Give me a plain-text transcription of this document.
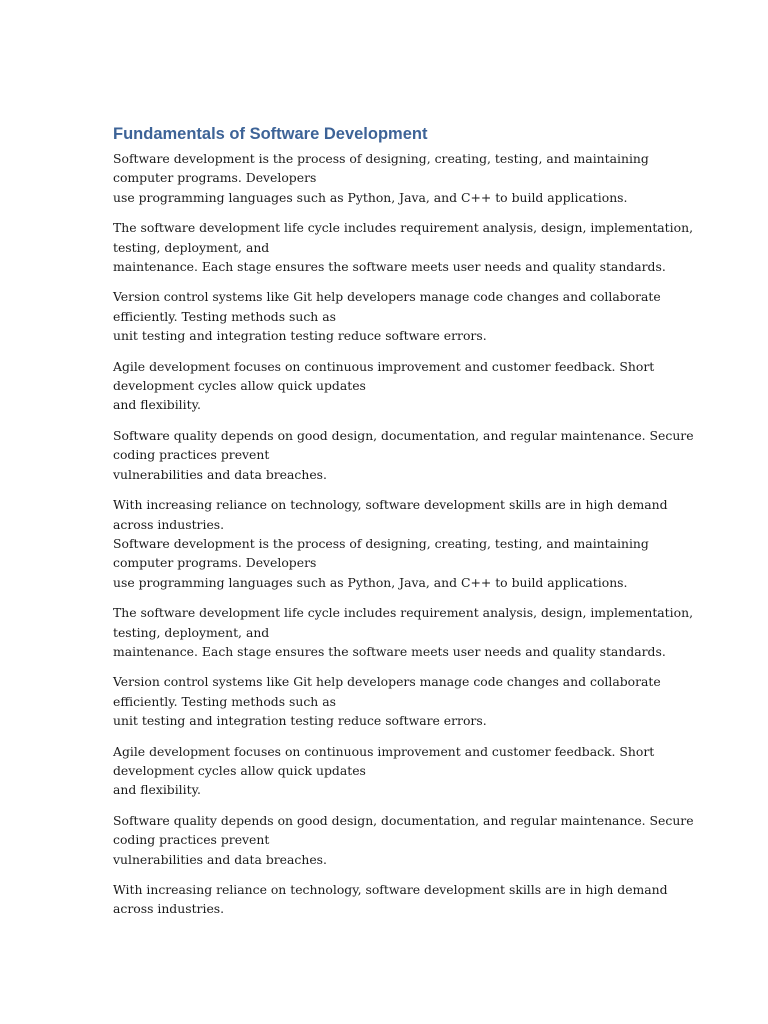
Fundamentals of Software Development

Software development is the process of designing, creating, testing, and maintaining
computer programs. Developers
use programming languages such as Python, Java, and C++ to build applications.

The software development life cycle includes requirement analysis, design, implementation,
testing, deployment, and
maintenance. Each stage ensures the software meets user needs and quality standards.

Version control systems like Git help developers manage code changes and collaborate
efficiently. Testing methods such as
unit testing and integration testing reduce software errors.

Agile development focuses on continuous improvement and customer feedback. Short
development cycles allow quick updates
and flexibility.

Software quality depends on good design, documentation, and regular maintenance. Secure
coding practices prevent
vulnerabilities and data breaches.

With increasing reliance on technology, software development skills are in high demand
across industries.

Software development is the process of designing, creating, testing, and maintaining
computer programs. Developers
use programming languages such as Python, Java, and C++ to build applications.

The software development life cycle includes requirement analysis, design, implementation,
testing, deployment, and
maintenance. Each stage ensures the software meets user needs and quality standards.

Version control systems like Git help developers manage code changes and collaborate
efficiently. Testing methods such as
unit testing and integration testing reduce software errors.

Agile development focuses on continuous improvement and customer feedback. Short
development cycles allow quick updates
and flexibility.

Software quality depends on good design, documentation, and regular maintenance. Secure
coding practices prevent
vulnerabilities and data breaches.

With increasing reliance on technology, software development skills are in high demand
across industries.
